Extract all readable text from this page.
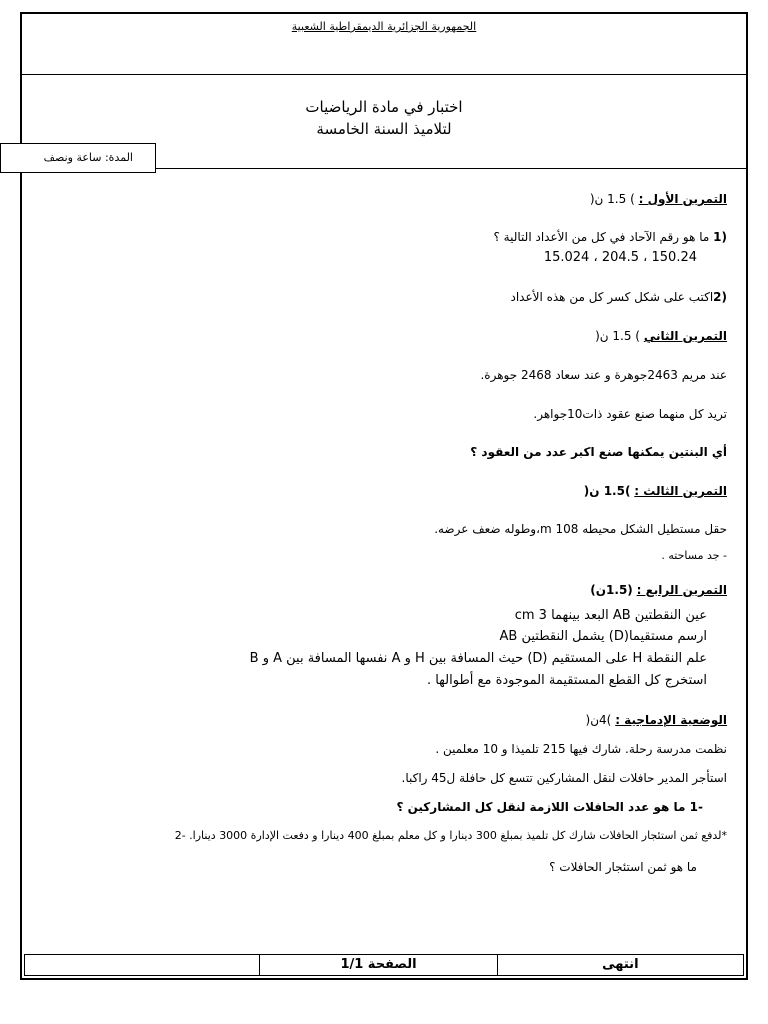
الجمهورية الجزائرية الديمقراطية الشعبية
اختبار في مادة الرياضيات
لتلاميذ السنة الخامسة
المدة: ساعة ونصف
التمرين الأول : ) 1.5 ن(
(1 ما هو رقم الآحاد في كل من الأعداد التالية ؟
150.24 ، 204.5 ، 15.024
(2اكتب على شكل كسر كل من هذه الأعداد
التمرين الثاني ) 1.5 ن(
عند مريم 2463جوهرة و عند سعاد 2468 جوهرة.
تريد كل منهما صنع عقود ذات10جواهر.
أي البنتين يمكنها صنع اكبر عدد من العقود ؟
التمرين الثالث : )1.5 ن(
حقل مستطيل الشكل محيطه m 108،وطوله ضعف عرضه.
- جد مساحته .
التمرين الرابع : (1.5ن)
عين النقطتين AB البعد بينهما 3 cm
ارسم مستقيما(D) يشمل النقطتين AB
علم النقطة H على المستقيم (D) حيث المسافة بين H و A نفسها المسافة بين A و B
استخرج كل القطع المستقيمة الموجودة مع أطوالها .
الوضعية الإدماجية : )4ن(
نظمت مدرسة رحلة. شارك فيها 215 تلميذا و 10 معلمين .
استأجر المدير حافلات لنقل المشاركين تتسع كل حافلة ل45 راكبا.
-1 ما هو عدد الحافلات اللازمة لنقل كل المشاركين ؟
*لدفع ثمن استئجار الحافلات شارك كل تلميذ بمبلغ 300 دينارا و كل معلم بمبلغ 400 دينارا و دفعت الإدارة 3000 دينارا. -2
ما هو ثمن استئجار الحافلات ؟
الصفحة 1/1	انتهى
